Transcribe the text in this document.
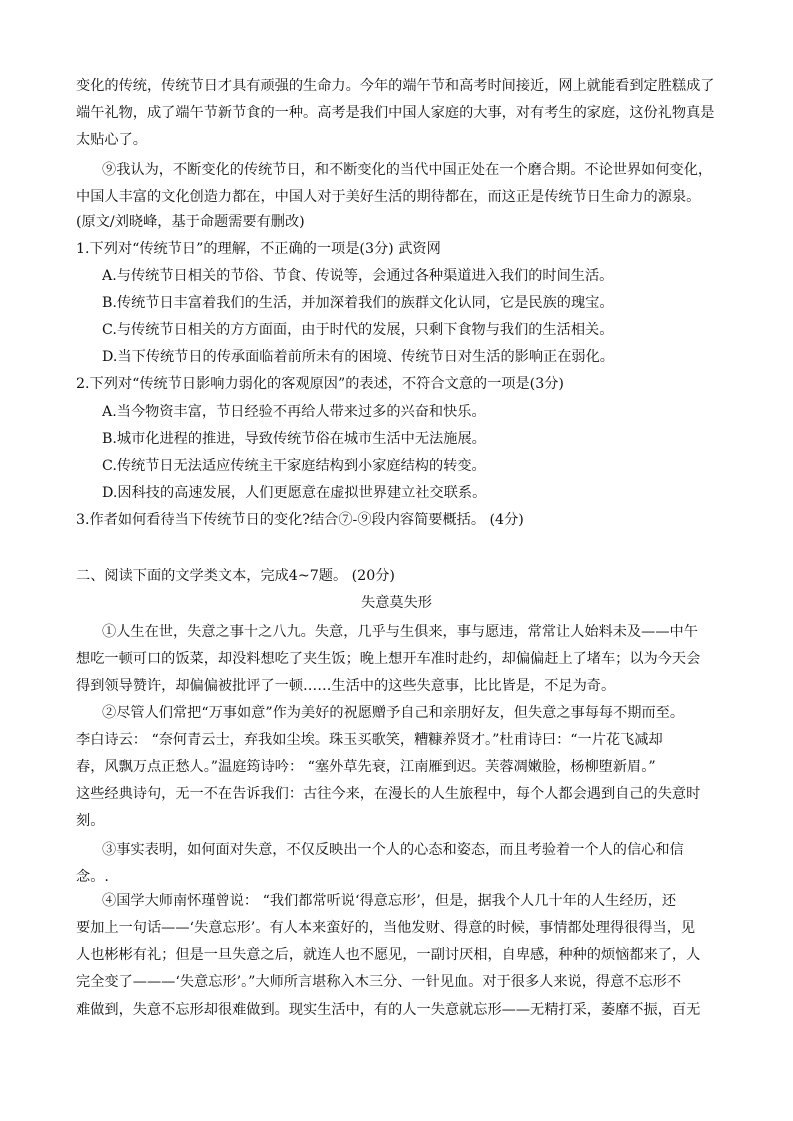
变化的传统，传统节日才具有顽强的生命力。今年的端午节和高考时间接近，网上就能看到定胜糕成了
端午礼物，成了端午节新节食的一种。高考是我们中国人家庭的大事，对有考生的家庭，这份礼物真是
太贴心了。
⑨我认为，不断变化的传统节日，和不断变化的当代中国正处在一个磨合期。不论世界如何变化，
中国人丰富的文化创造力都在，中国人对于美好生活的期待都在，而这正是传统节日生命力的源泉。
(原文/刘晓峰，基于命题需要有删改)
1.下列对“传统节日”的理解，不正确的一项是(3分) 武资网
A.与传统节日相关的节俗、节食、传说等，会通过各种渠道进入我们的时间生活。
B.传统节日丰富着我们的生活，并加深着我们的族群文化认同，它是民族的瑰宝。
C.与传统节日相关的方方面面，由于时代的发展，只剩下食物与我们的生活相关。
D.当下传统节日的传承面临着前所未有的困境、传统节日对生活的影响正在弱化。
2.下列对“传统节日影响力弱化的客观原因”的表述，不符合文意的一项是(3分)
A.当今物资丰富，节日经验不再给人带来过多的兴奋和快乐。
B.城市化进程的推进，导致传统节俗在城市生活中无法施展。
C.传统节日无法适应传统主干家庭结构到小家庭结构的转变。
D.因科技的高速发展，人们更愿意在虚拟世界建立社交联系。
3.作者如何看待当下传统节日的变化?结合⑦-⑨段内容简要概括。 (4分)
二、阅读下面的文学类文本，完成4~7题。 (20分)
失意莫失形
①人生在世，失意之事十之八九。失意，几乎与生俱来，事与愿违，常常让人始料未及——中午
想吃一顿可口的饭菜，却没料想吃了夹生饭；晚上想开车准时赴约，却偏偏赶上了堵车；以为今天会
得到领导赞许，却偏偏被批评了一顿……生活中的这些失意事，比比皆是，不足为奇。
②尽管人们常把“万事如意”作为美好的祝愿赠予自己和亲朋好友，但失意之事每每不期而至。
李白诗云： “奈何青云士，弃我如尘埃。珠玉买歌笑，糟糠养贤才。”杜甫诗曰：“一片花飞减却
春，风飘万点正愁人。”温庭筠诗吟： “塞外草先衰，江南雁到迟。芙蓉凋嫩脸，杨柳堕新眉。”
这些经典诗句，无一不在告诉我们：古往今来，在漫长的人生旅程中，每个人都会遇到自己的失意时
刻。
③事实表明，如何面对失意，不仅反映出一个人的心态和姿态，而且考验着一个人的信心和信
念。.
④国学大师南怀瑾曾说： “我们都常听说‘得意忘形’，但是，据我个人几十年的人生经历，还
要加上一句话——‘失意忘形’。有人本来蛮好的，当他发财、得意的时候，事情都处理得很得当，见
人也彬彬有礼；但是一旦失意之后，就连人也不愿见，一副讨厌相，自卑感，种种的烦恼都来了，人
完全变了———‘失意忘形’。”大师所言堪称入木三分、一针见血。对于很多人来说，得意不忘形不
难做到，失意不忘形却很难做到。现实生活中，有的人一失意就忘形——无精打采，萎靡不振，百无
